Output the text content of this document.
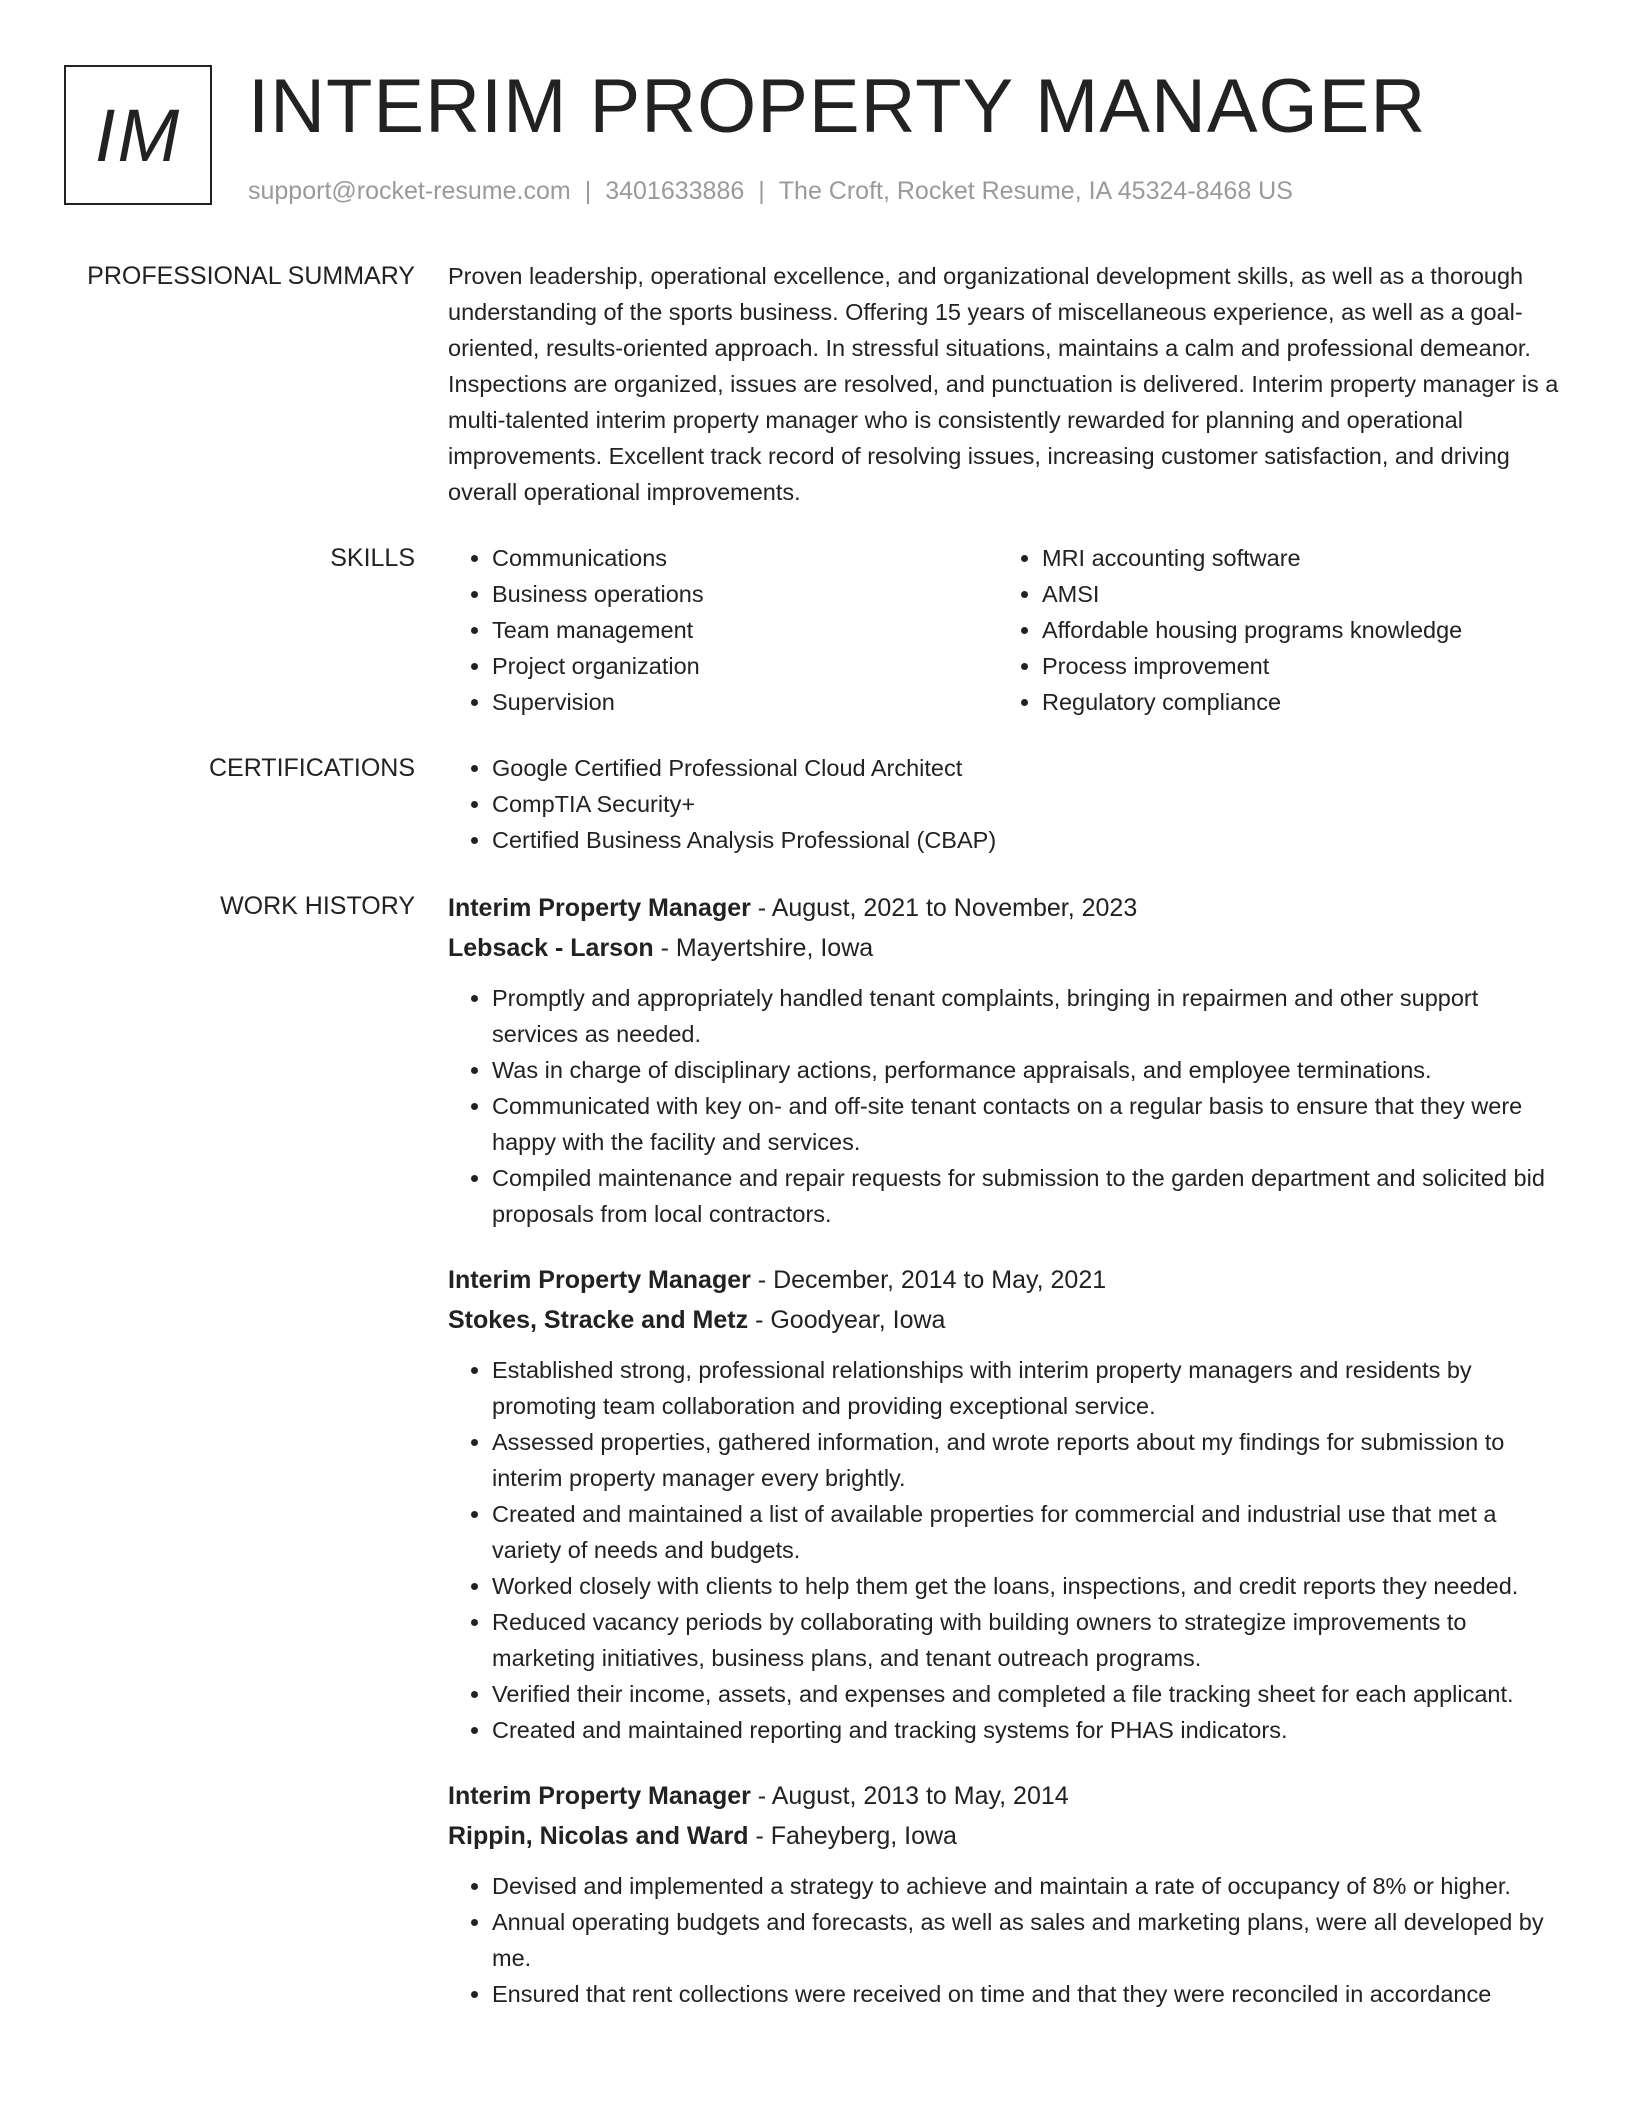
IM INTERIM PROPERTY MANAGER
support@rocket-resume.com | 3401633886 | The Croft, Rocket Resume, IA 45324-8468 US
PROFESSIONAL SUMMARY Proven leadership, operational excellence, and organizational development skills, as well as a thorough understanding of the sports business. Offering 15 years of miscellaneous experience, as well as a goal-oriented, results-oriented approach. In stressful situations, maintains a calm and professional demeanor. Inspections are organized, issues are resolved, and punctuation is delivered. Interim property manager is a multi-talented interim property manager who is consistently rewarded for planning and operational improvements. Excellent track record of resolving issues, increasing customer satisfaction, and driving overall operational improvements.

SKILLS	• Communications
• Business operations
• Team management
• Project organization
• Supervision
• MRI accounting software
• AMSI
• Affordable housing programs knowledge
• Process improvement
• Regulatory compliance
CERTIFICATIONS	• Google Certified Professional Cloud Architect
• CompTIA Security+
• Certified Business Analysis Professional (CBAP)
WORK HISTORY Interim Property Manager - August, 2021 to November, 2023
Lebsack - Larson - Mayertshire, Iowa
• Promptly and appropriately handled tenant complaints, bringing in repairmen and other support services as needed.
• Was in charge of disciplinary actions, performance appraisals, and employee terminations.
• Communicated with key on- and off-site tenant contacts on a regular basis to ensure that they were happy with the facility and services.
• Compiled maintenance and repair requests for submission to the garden department and solicited bid proposals from local contractors.
Interim Property Manager - December, 2014 to May, 2021
Stokes, Stracke and Metz - Goodyear, Iowa
• Established strong, professional relationships with interim property managers and residents by promoting team collaboration and providing exceptional service.
• Assessed properties, gathered information, and wrote reports about my findings for submission to interim property manager every brightly.
• Created and maintained a list of available properties for commercial and industrial use that met a variety of needs and budgets.
• Worked closely with clients to help them get the loans, inspections, and credit reports they needed.
• Reduced vacancy periods by collaborating with building owners to strategize improvements to marketing initiatives, business plans, and tenant outreach programs.
• Verified their income, assets, and expenses and completed a file tracking sheet for each applicant.
• Created and maintained reporting and tracking systems for PHAS indicators.
Interim Property Manager - August, 2013 to May, 2014
Rippin, Nicolas and Ward - Faheyberg, Iowa
• Devised and implemented a strategy to achieve and maintain a rate of occupancy of 8% or higher.
• Annual operating budgets and forecasts, as well as sales and marketing plans, were all developed by me.
• Ensured that rent collections were received on time and that they were reconciled in accordance
